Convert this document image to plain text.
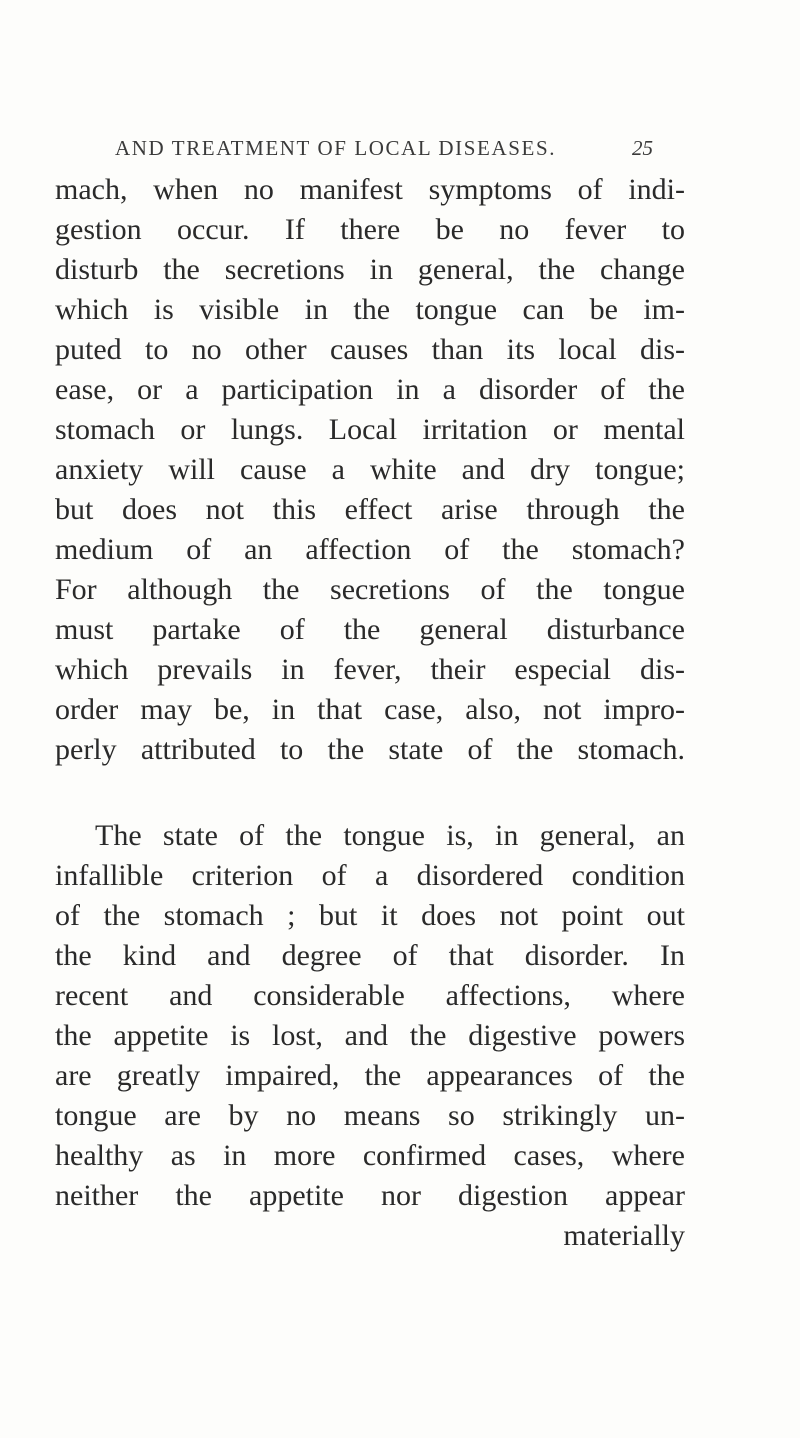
AND TREATMENT OF LOCAL DISEASES.	25
mach, when no manifest symptoms of indi-
gestion occur. If there be no fever to
disturb the secretions in general, the change
which is visible in the tongue can be im-
puted to no other causes than its local dis-
ease, or a participation in a disorder of the
stomach or lungs. Local irritation or mental
anxiety will cause a white and dry tongue;
but does not this effect arise through the
medium of an affection of the stomach?
For although the secretions of the tongue
must partake of the general disturbance
which prevails in fever, their especial dis-
order may be, in that case, also, not impro-
perly attributed to the state of the stomach.
The state of the tongue is, in general, an
infallible criterion of a disordered condition
of the stomach ; but it does not point out
the kind and degree of that disorder. In
recent and considerable affections, where
the appetite is lost, and the digestive powers
are greatly impaired, the appearances of the
tongue are by no means so strikingly un-
healthy as in more confirmed cases, where
neither the appetite nor digestion appear
materially
